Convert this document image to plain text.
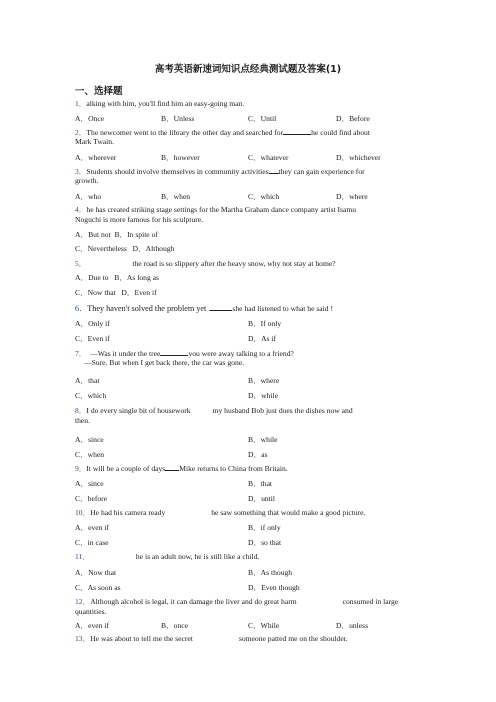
高考英语新速词知识点经典测试题及答案(1)
一、选择题
1．alking with him, you'll find him an easy-going man.
A．Once	B．Unless	C．Until	D．Before
2．The newcomer went to the library the other day and searched for	he could find about
Mark Twain.
A．wherever	B．however	C．whatever	D．whichever
3．Students should involve themselves in community activities they can gain experience for
growth.
A．who	B．when	C．which	D．where
4．he has created striking stage settings for the Martha Graham dance company artist Isamu
Noguchi is more famous for his sculpture.
A．But not B．In spite of
C．Nevertheless D．Although
5．	the road is so slippery after the heavy snow, why not stay at home?
A．Due to B．As long as
C．Now that D．Even if
6．They haven't solved the problem yet .	she had listened to what he said !
A．Only if	B．If only
C．Even if	D．As if
7． —Was it under the tree	you were away talking to a friend?
—Sure. But when I get back there, the car was gone.
A．that	B．where
C．which	D．while
8．I do every single bit of housework	my husband Bob just does the dishes now and
then.
A．since	B．while
C．when	D．as
9．It will be a couple of days Mike returns to China from Britain.
A．since	B．that
C．before	D．until
10．He had his camera ready	he saw something that would make a good picture.
A．even if	B．if only
C．in case	D．so that
11．	he is an adult now, he is still like a child.
A．Now that	B．As though
C．As soon as	D．Even though
12．Although alcohol is legal, it can damage the liver and do great harm	consumed in large
quantities.
A．even if	B．once	C．While	D．unless
13．He was about to tell me the secret	someone patted me on the shoulder.
